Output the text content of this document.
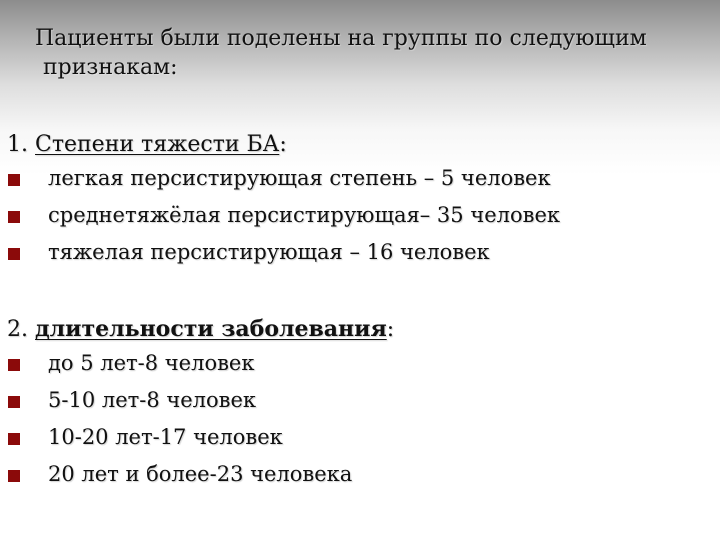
Пациенты были поделены на группы по следующим
признакам:
1. Степени тяжести БА:
легкая персистирующая степень – 5 человек
среднетяжёлая персистирующая– 35 человек
тяжелая персистирующая – 16 человек
2. длительности заболевания:
до 5 лет-8 человек
5-10 лет-8 человек
10-20 лет-17 человек
20 лет и более-23 человека
